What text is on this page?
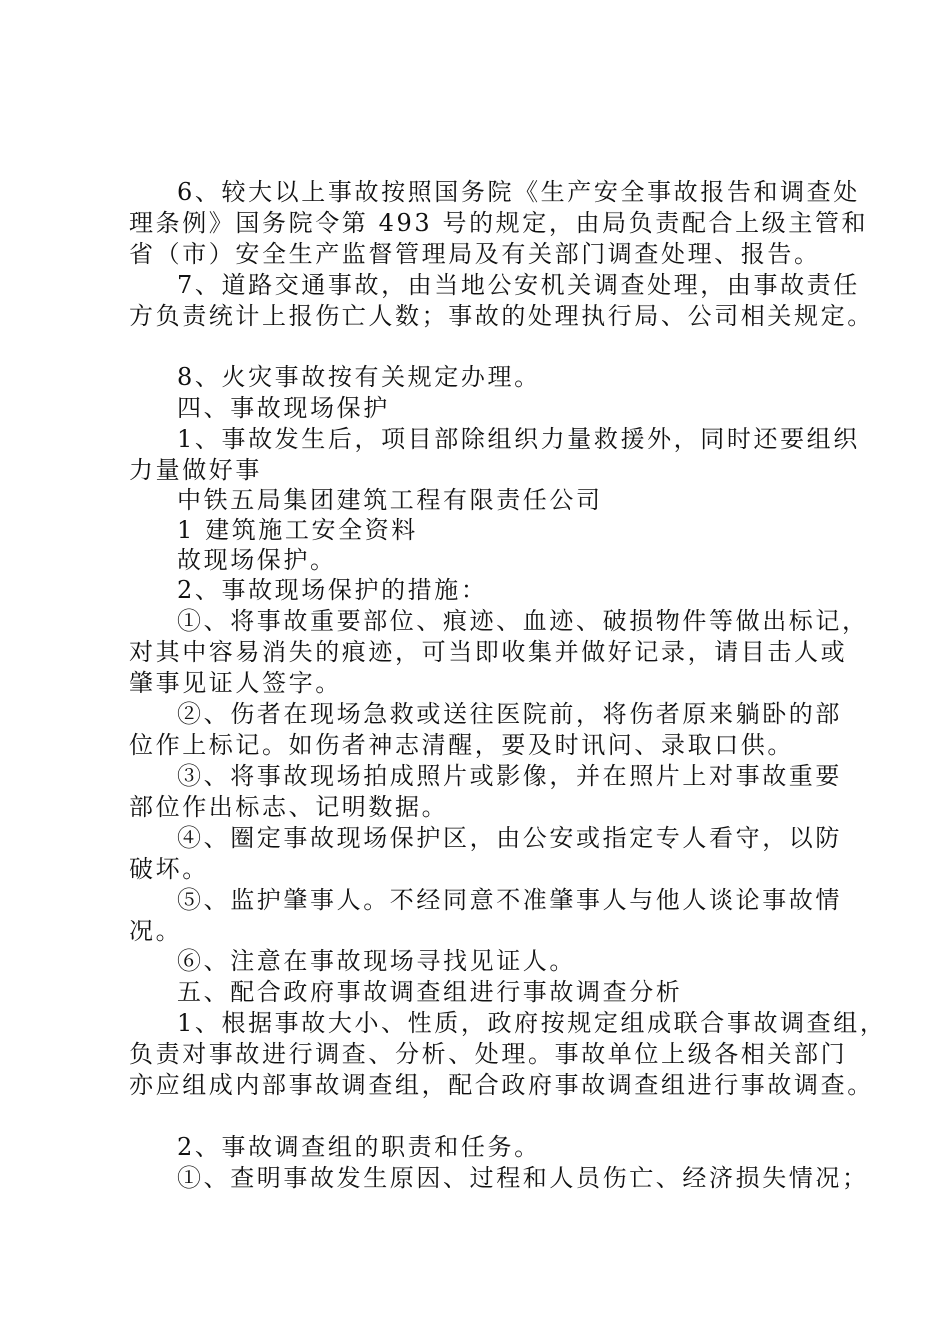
6、较大以上事故按照国务院《生产安全事故报告和调查处
理条例》国务院令第 493 号的规定，由局负责配合上级主管和
省（市）安全生产监督管理局及有关部门调查处理、报告。
7、道路交通事故，由当地公安机关调查处理，由事故责任
方负责统计上报伤亡人数；事故的处理执行局、公司相关规定。
8、火灾事故按有关规定办理。
四、事故现场保护
1、事故发生后，项目部除组织力量救援外，同时还要组织
力量做好事
中铁五局集团建筑工程有限责任公司
1 建筑施工安全资料
故现场保护。
2、事故现场保护的措施：
①、将事故重要部位、痕迹、血迹、破损物件等做出标记，
对其中容易消失的痕迹，可当即收集并做好记录，请目击人或
肇事见证人签字。
②、伤者在现场急救或送往医院前，将伤者原来躺卧的部
位作上标记。如伤者神志清醒，要及时讯问、录取口供。
③、将事故现场拍成照片或影像，并在照片上对事故重要
部位作出标志、记明数据。
④、圈定事故现场保护区，由公安或指定专人看守，以防
破坏。
⑤、监护肇事人。不经同意不准肇事人与他人谈论事故情
况。
⑥、注意在事故现场寻找见证人。
五、配合政府事故调查组进行事故调查分析
1、根据事故大小、性质，政府按规定组成联合事故调查组，
负责对事故进行调查、分析、处理。事故单位上级各相关部门
亦应组成内部事故调查组，配合政府事故调查组进行事故调查。
2、事故调查组的职责和任务。
①、查明事故发生原因、过程和人员伤亡、经济损失情况；
